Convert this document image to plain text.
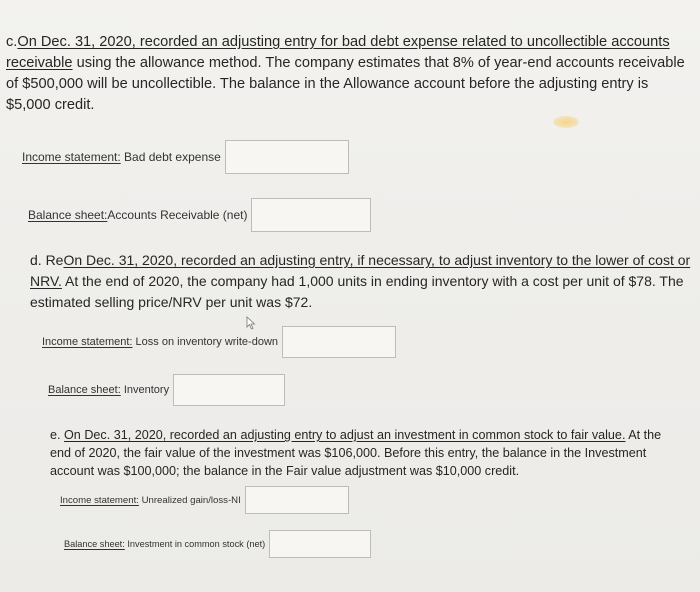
c.On Dec. 31, 2020, recorded an adjusting entry for bad debt expense related to uncollectible accounts receivable using the allowance method. The company estimates that 8% of year-end accounts receivable of $500,000 will be uncollectible. The balance in the Allowance account before the adjusting entry is $5,000 credit.
Income statement: Bad debt expense
Balance sheet:Accounts Receivable (net)
d. ReOn Dec. 31, 2020, recorded an adjusting entry, if necessary, to adjust inventory to the lower of cost or NRV. At the end of 2020, the company had 1,000 units in ending inventory with a cost per unit of $78. The estimated selling price/NRV per unit was $72.
Income statement: Loss on inventory write-down
Balance sheet: Inventory
e. On Dec. 31, 2020, recorded an adjusting entry to adjust an investment in common stock to fair value. At the end of 2020, the fair value of the investment was $106,000. Before this entry, the balance in the Investment account was $100,000; the balance in the Fair value adjustment was $10,000 credit.
Income statement: Unrealized gain/loss-NI
Balance sheet: Investment in common stock (net)
